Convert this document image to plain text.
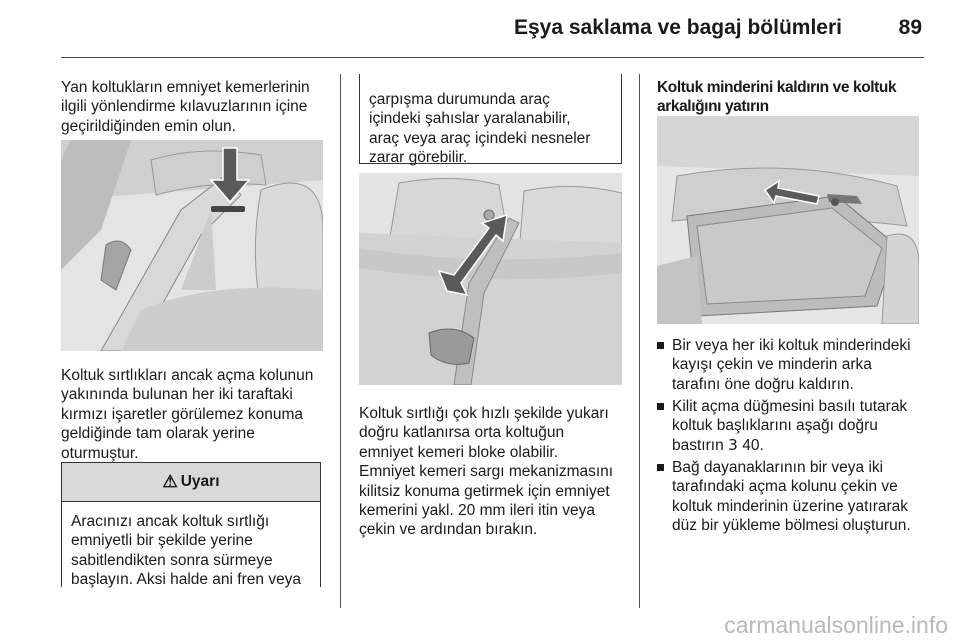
Eşya saklama ve bagaj bölümleri	89
Yan koltukların emniyet kemerlerinin
ilgili yönlendirme kılavuzlarının içine
geçirildiğinden emin olun.
Koltuk sırtlıkları ancak açma kolunun
yakınında bulunan her iki taraftaki
kırmızı işaretler görülemez konuma
geldiğinde tam olarak yerine
oturmuştur.
⚠ Uyarı
Aracınızı ancak koltuk sırtlığı
emniyetli bir şekilde yerine
sabitlendikten sonra sürmeye
başlayın. Aksi halde ani fren veya
çarpışma durumunda araç
içindeki şahıslar yaralanabilir,
araç veya araç içindeki nesneler
zarar görebilir.
Koltuk sırtlığı çok hızlı şekilde yukarı
doğru katlanırsa orta koltuğun
emniyet kemeri bloke olabilir.
Emniyet kemeri sargı mekanizmasını
kilitsiz konuma getirmek için emniyet
kemerini yakl. 20 mm ileri itin veya
çekin ve ardından bırakın.
Koltuk minderini kaldırın ve koltuk
arkalığını yatırın
Bir veya her iki koltuk minderindeki
kayışı çekin ve minderin arka
tarafını öne doğru kaldırın.
Kilit açma düğmesini basılı tutarak
koltuk başlıklarını aşağı doğru
bastırın 3 40.
Bağ dayanaklarının bir veya iki
tarafındaki açma kolunu çekin ve
koltuk minderinin üzerine yatırarak
düz bir yükleme bölmesi oluşturun.
carmanualsonline.info
